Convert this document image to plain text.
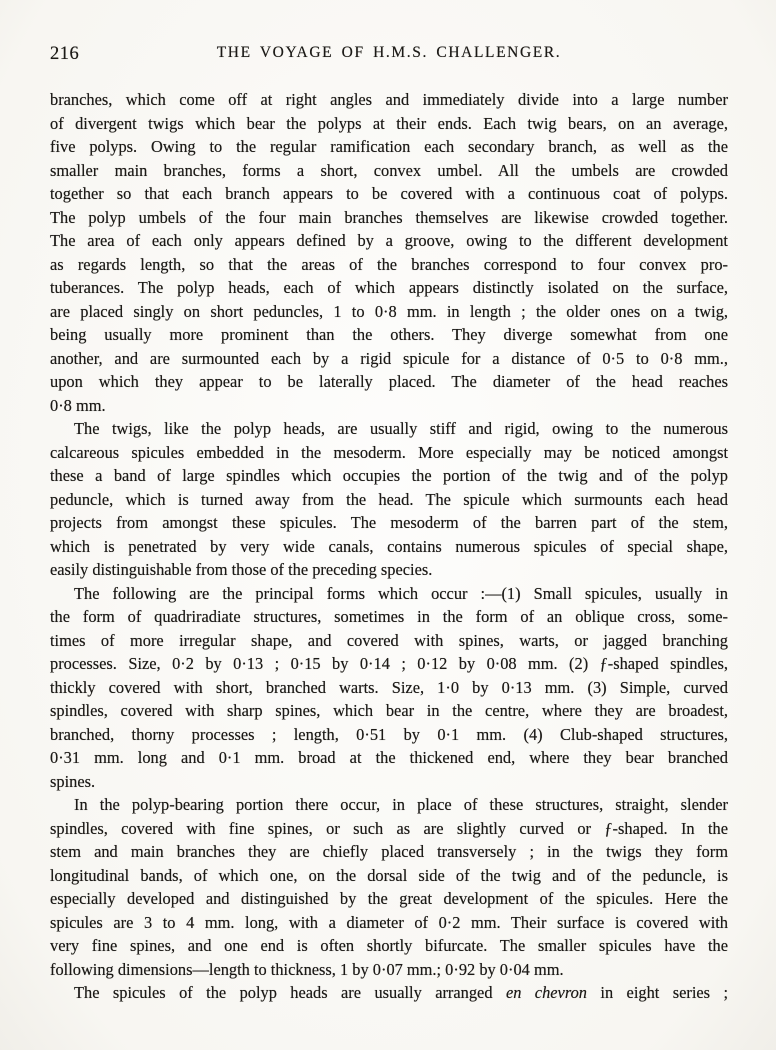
216	THE VOYAGE OF H.M.S. CHALLENGER.
branches, which come off at right angles and immediately divide into a large number
of divergent twigs which bear the polyps at their ends. Each twig bears, on an average,
five polyps. Owing to the regular ramification each secondary branch, as well as the
smaller main branches, forms a short, convex umbel. All the umbels are crowded
together so that each branch appears to be covered with a continuous coat of polyps.
The polyp umbels of the four main branches themselves are likewise crowded together.
The area of each only appears defined by a groove, owing to the different development
as regards length, so that the areas of the branches correspond to four convex pro-
tuberances. The polyp heads, each of which appears distinctly isolated on the surface,
are placed singly on short peduncles, 1 to 0·8 mm. in length ; the older ones on a twig,
being usually more prominent than the others. They diverge somewhat from one
another, and are surmounted each by a rigid spicule for a distance of 0·5 to 0·8 mm.,
upon which they appear to be laterally placed. The diameter of the head reaches
0·8 mm.
The twigs, like the polyp heads, are usually stiff and rigid, owing to the numerous
calcareous spicules embedded in the mesoderm. More especially may be noticed amongst
these a band of large spindles which occupies the portion of the twig and of the polyp
peduncle, which is turned away from the head. The spicule which surmounts each head
projects from amongst these spicules. The mesoderm of the barren part of the stem,
which is penetrated by very wide canals, contains numerous spicules of special shape,
easily distinguishable from those of the preceding species.
The following are the principal forms which occur :—(1) Small spicules, usually in
the form of quadriradiate structures, sometimes in the form of an oblique cross, some-
times of more irregular shape, and covered with spines, warts, or jagged branching
processes. Size, 0·2 by 0·13 ; 0·15 by 0·14 ; 0·12 by 0·08 mm. (2) ƒ-shaped spindles,
thickly covered with short, branched warts. Size, 1·0 by 0·13 mm. (3) Simple, curved
spindles, covered with sharp spines, which bear in the centre, where they are broadest,
branched, thorny processes ; length, 0·51 by 0·1 mm. (4) Club-shaped structures,
0·31 mm. long and 0·1 mm. broad at the thickened end, where they bear branched
spines.
In the polyp-bearing portion there occur, in place of these structures, straight, slender
spindles, covered with fine spines, or such as are slightly curved or ƒ-shaped. In the
stem and main branches they are chiefly placed transversely ; in the twigs they form
longitudinal bands, of which one, on the dorsal side of the twig and of the peduncle, is
especially developed and distinguished by the great development of the spicules. Here the
spicules are 3 to 4 mm. long, with a diameter of 0·2 mm. Their surface is covered with
very fine spines, and one end is often shortly bifurcate. The smaller spicules have the
following dimensions—length to thickness, 1 by 0·07 mm.; 0·92 by 0·04 mm.
The spicules of the polyp heads are usually arranged en chevron in eight series ;
